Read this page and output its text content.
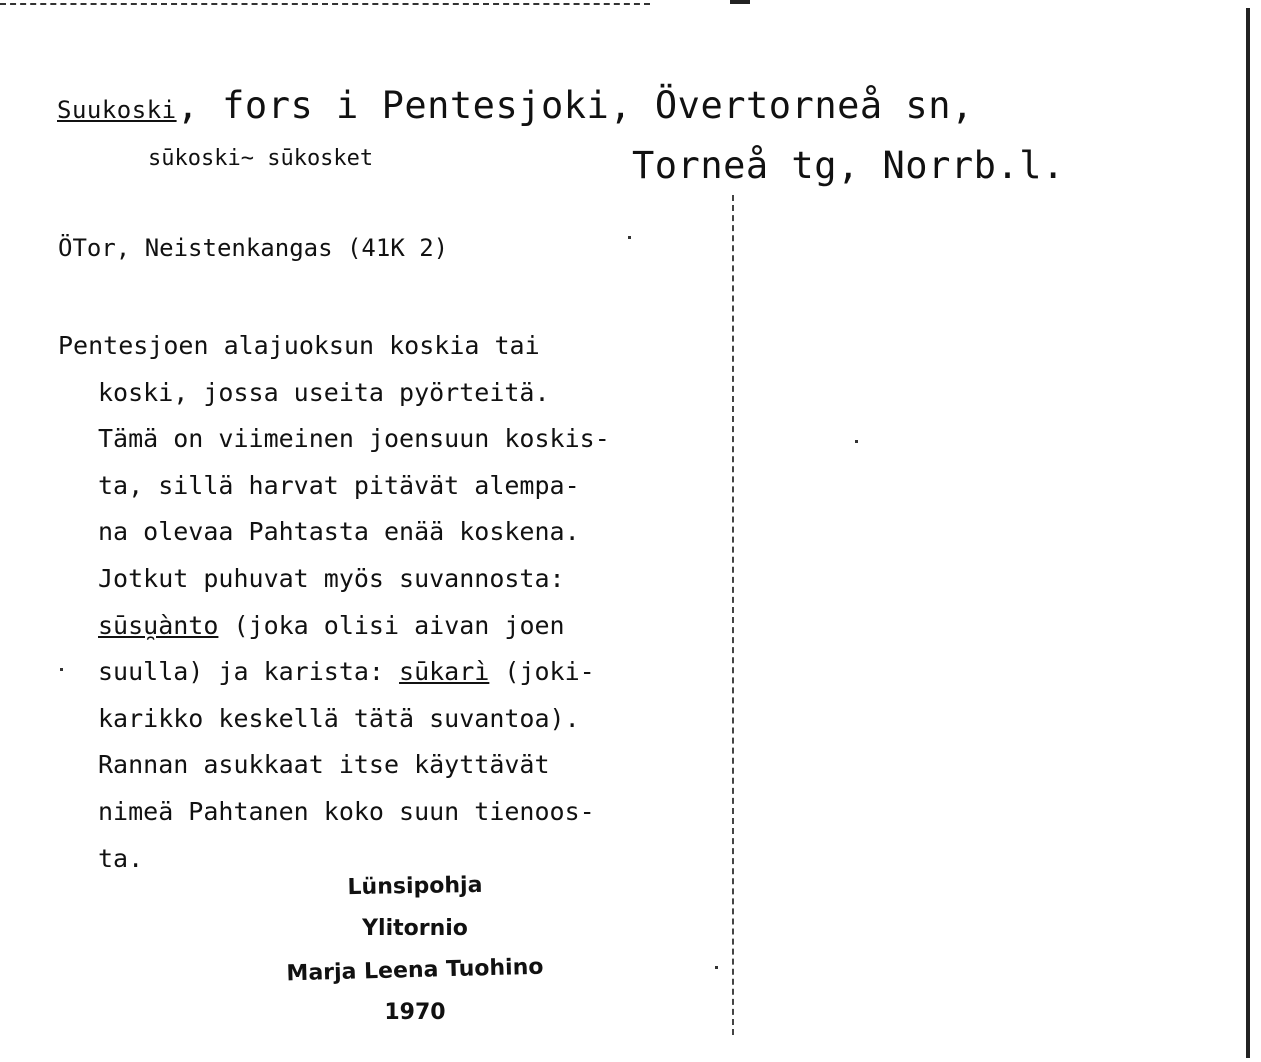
Suukoski, fors i Pentesjoki, Övertorneå sn,
sūkoski~ sūkosket	Torneå tg, Norrb.l.
ÖTor, Neistenkangas (41K 2)
Pentesjoen alajuoksun koskia tai
koski, jossa useita pyörteitä.
Tämä on viimeinen joensuun koskis-
ta, sillä harvat pitävät alempa-
na olevaa Pahtasta enää koskena.
Jotkut puhuvat myös suvannosta:
sūsu̯ànto (joka olisi aivan joen
suulla) ja karista: sūkarì (joki-
karikko keskellä tätä suvantoa).
Rannan asukkaat itse käyttävät
nimeä Pahtanen koko suun tienoos-
ta.
Lünsipohja
Ylitornio
Marja Leena Tuohino
1970
